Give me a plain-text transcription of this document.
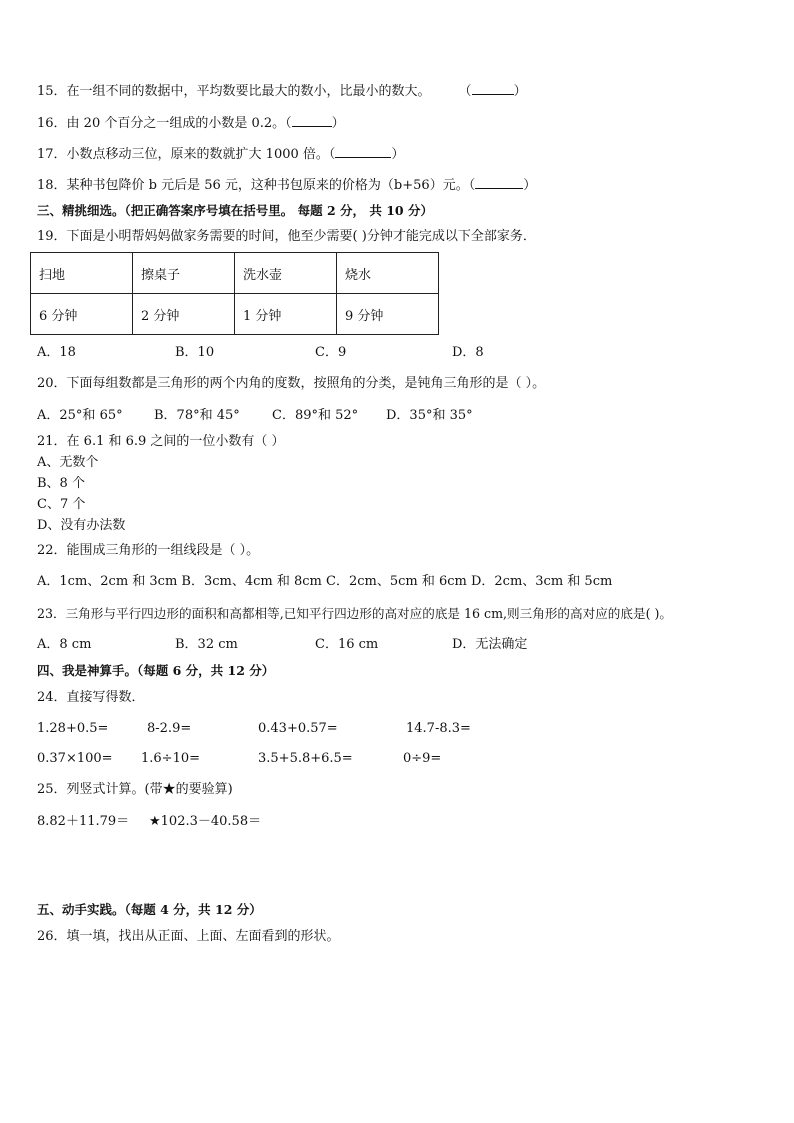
15．在一组不同的数据中，平均数要比最大的数小，比最小的数大。 （	）
16．由 20 个百分之一组成的小数是 0.2。（	）
17．小数点移动三位，原来的数就扩大 1000 倍。（	）
18．某种书包降价 b 元后是 56 元，这种书包原来的价格为（b+56）元。（	）
三、精挑细选。（把正确答案序号填在括号里。 每题 2 分， 共 10 分）
19．下面是小明帮妈妈做家务需要的时间，他至少需要( )分钟才能完成以下全部家务．
扫地	擦桌子	洗水壶	烧水
6 分钟	2 分钟	1 分钟	9 分钟
A．18	B．10	C．9	D．8
20．下面每组数都是三角形的两个内角的度数，按照角的分类，是钝角三角形的是（ ）。
A．25°和 65° B．78°和 45° C．89°和 52° D．35°和 35°
21．在 6.1 和 6.9 之间的一位小数有（ ）
A、无数个
B、8 个
C、7 个
D、没有办法数
22．能围成三角形的一组线段是（ ）。
A．1cm、2cm 和 3cm B．3cm、4cm 和 8cm C．2cm、5cm 和 6cm D．2cm、3cm 和 5cm
23．三角形与平行四边形的面积和高都相等,已知平行四边形的高对应的底是 16 cm,则三角形的高对应的底是( )。
A．8 cm	B．32 cm	C．16 cm	D．无法确定
四、我是神算手。（每题 6 分，共 12 分）
24．直接写得数．
1.28+0.5=	8-2.9=	0.43+0.57=	14.7-8.3=
0.37×100= 1.6÷10=	3.5+5.8+6.5=	0÷9=
25．列竖式计算。(带★的要验算)
8.82＋11.79＝ ★102.3－40.58＝
五、动手实践。（每题 4 分，共 12 分）
26．填一填，找出从正面、上面、左面看到的形状。
